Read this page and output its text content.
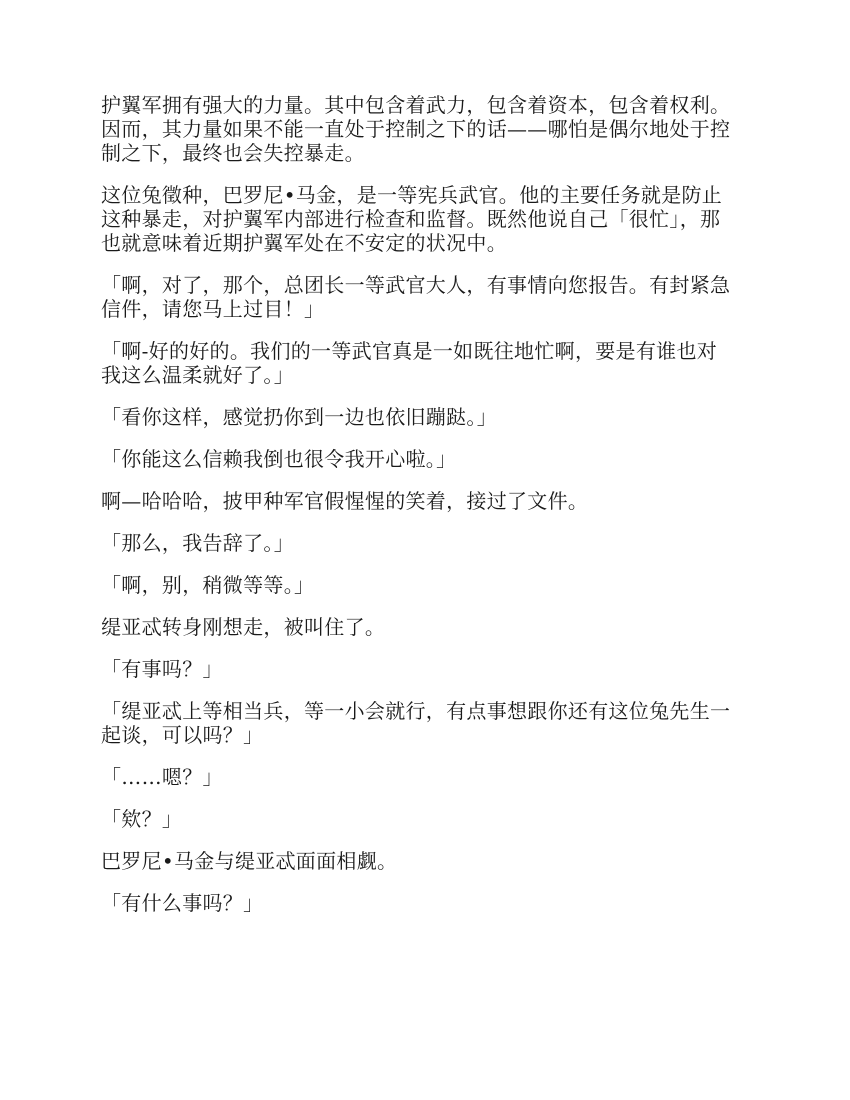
护翼军拥有强大的力量。其中包含着武力，包含着资本，包含着权利。
因而，其力量如果不能一直处于控制之下的话——哪怕是偶尔地处于控
制之下，最终也会失控暴走。

这位兔徵种，巴罗尼•马金，是一等宪兵武官。他的主要任务就是防止
这种暴走，对护翼军内部进行检查和监督。既然他说自己「很忙」，那
也就意味着近期护翼军处在不安定的状况中。

「啊，对了，那个，总团长一等武官大人，有事情向您报告。有封紧急
信件，请您马上过目！」

「啊-好的好的。我们的一等武官真是一如既往地忙啊，要是有谁也对
我这么温柔就好了。」

「看你这样，感觉扔你到一边也依旧蹦跶。」

「你能这么信赖我倒也很令我开心啦。」

啊—哈哈哈，披甲种军官假惺惺的笑着，接过了文件。

「那么，我告辞了。」

「啊，别，稍微等等。」

缇亚忒转身刚想走，被叫住了。

「有事吗？」

「缇亚忒上等相当兵，等一小会就行，有点事想跟你还有这位兔先生一
起谈，可以吗？」

「……嗯？」

「欸？」

巴罗尼•马金与缇亚忒面面相觑。

「有什么事吗？」
